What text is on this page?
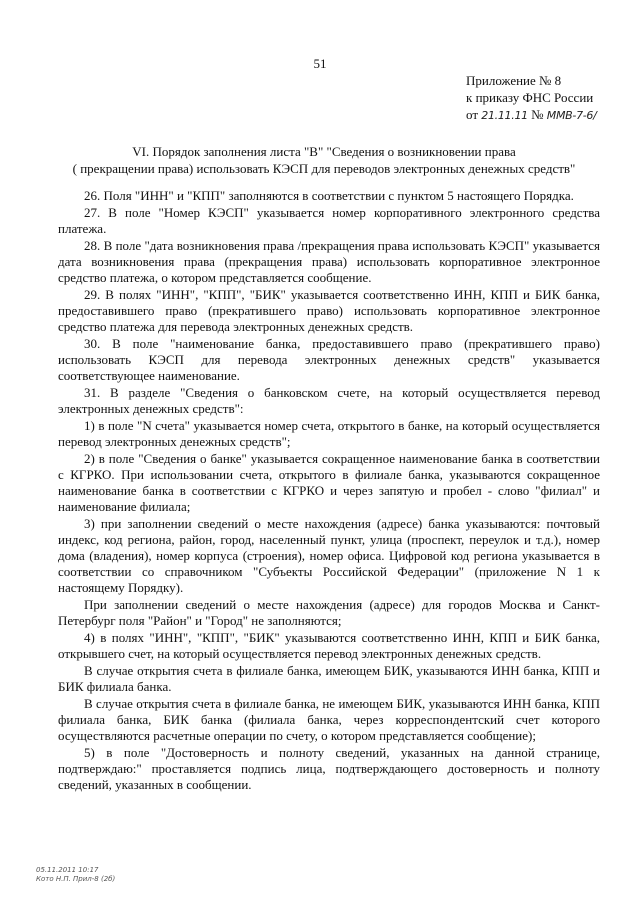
51
Приложение № 8
к приказу ФНС России
от 21.11.11 № ММВ-7-6/
VI. Порядок заполнения листа "В" "Сведения о возникновении права
( прекращении права) использовать КЭСП для переводов электронных денежных средств"

26. Поля "ИНН" и "КПП" заполняются в соответствии с пунктом 5 настоящего Порядка.

27. В поле "Номер КЭСП" указывается номер корпоративного электронного средства платежа.

28. В поле "дата возникновения права /прекращения права использовать КЭСП" указывается дата возникновения права (прекращения права) использовать корпоративное электронное средство платежа, о котором представляется сообщение.

29. В полях "ИНН", "КПП", "БИК" указывается соответственно ИНН, КПП и БИК банка, предоставившего право (прекратившего право) использовать корпоративное электронное средство платежа для перевода электронных денежных средств.

30. В поле "наименование банка, предоставившего право (прекратившего право) использовать КЭСП для перевода электронных денежных средств" указывается соответствующее наименование.

31. В разделе "Сведения о банковском счете, на который осуществляется перевод электронных денежных средств":

1) в поле "N счета" указывается номер счета, открытого в банке, на который осуществляется перевод электронных денежных средств";

2) в поле "Сведения о банке" указывается сокращенное наименование банка в соответствии с КГРКО. При использовании счета, открытого в филиале банка, указываются сокращенное наименование банка в соответствии с КГРКО и через запятую и пробел - слово "филиал" и наименование филиала;

3) при заполнении сведений о месте нахождения (адресе) банка указываются: почтовый индекс, код региона, район, город, населенный пункт, улица (проспект, переулок и т.д.), номер дома (владения), номер корпуса (строения), номер офиса. Цифровой код региона указывается в соответствии со справочником "Субъекты Российской Федерации" (приложение N 1 к настоящему Порядку).

При заполнении сведений о месте нахождения (адресе) для городов Москва и Санкт-Петербург поля "Район" и "Город" не заполняются;

4) в полях "ИНН", "КПП", "БИК" указываются соответственно ИНН, КПП и БИК банка, открывшего счет, на который осуществляется перевод электронных денежных средств.

В случае открытия счета в филиале банка, имеющем БИК, указываются ИНН банка, КПП и БИК филиала банка.

В случае открытия счета в филиале банка, не имеющем БИК, указываются ИНН банка, КПП филиала банка, БИК банка (филиала банка, через корреспондентский счет которого осуществляются расчетные операции по счету, о котором представляется сообщение);

5) в поле "Достоверность и полноту сведений, указанных на данной странице, подтверждаю:" проставляется подпись лица, подтверждающего достоверность и полноту сведений, указанных в сообщении.

05.11.2011 10:17
Кото Н.П. Прил-8 (2б)
